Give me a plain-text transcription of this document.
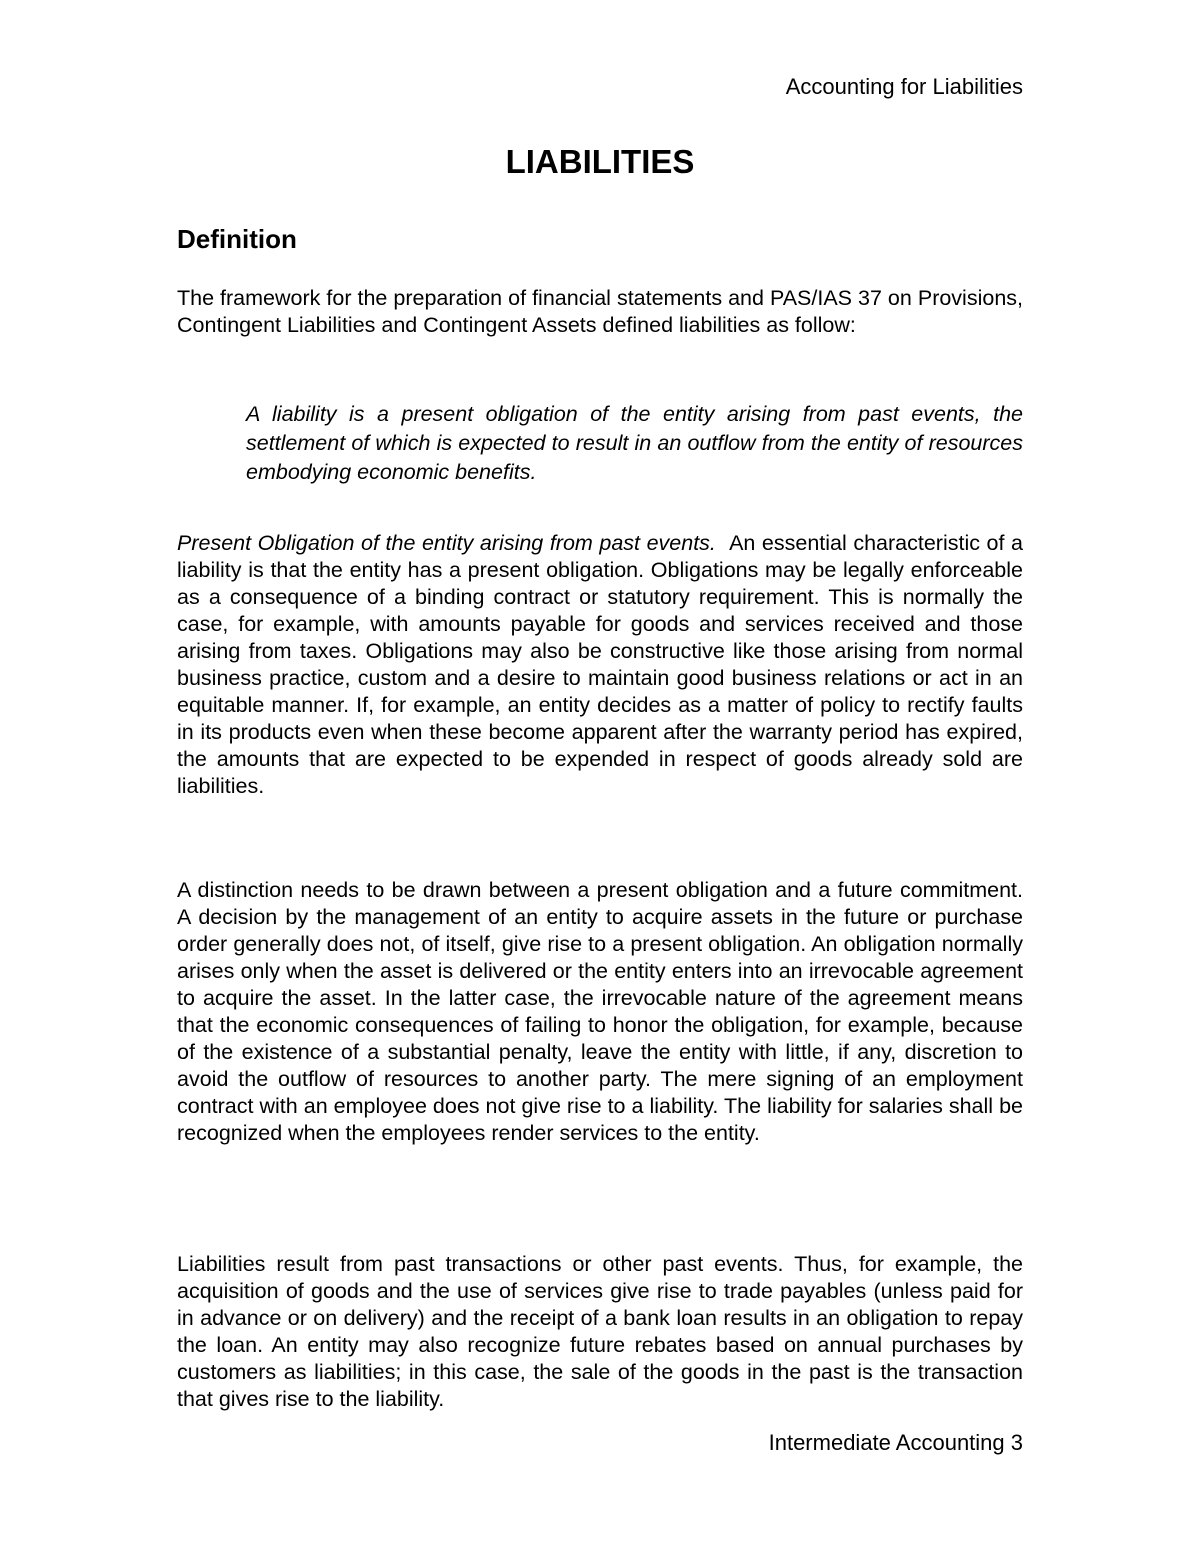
Accounting for Liabilities

LIABILITIES
Definition

The framework for the preparation of financial statements and PAS/IAS 37 on Provisions, Contingent Liabilities and Contingent Assets defined liabilities as follow:

A liability is a present obligation of the entity arising from past events, the settlement of which is expected to result in an outflow from the entity of resources embodying economic benefits.

Present Obligation of the entity arising from past events. An essential characteristic of a liability is that the entity has a present obligation. Obligations may be legally enforceable as a consequence of a binding contract or statutory requirement. This is normally the case, for example, with amounts payable for goods and services received and those arising from taxes. Obligations may also be constructive like those arising from normal business practice, custom and a desire to maintain good business relations or act in an equitable manner. If, for example, an entity decides as a matter of policy to rectify faults in its products even when these become apparent after the warranty period has expired, the amounts that are expected to be expended in respect of goods already sold are liabilities.

A distinction needs to be drawn between a present obligation and a future commitment. A decision by the management of an entity to acquire assets in the future or purchase order generally does not, of itself, give rise to a present obligation. An obligation normally arises only when the asset is delivered or the entity enters into an irrevocable agreement to acquire the asset. In the latter case, the irrevocable nature of the agreement means that the economic consequences of failing to honor the obligation, for example, because of the existence of a substantial penalty, leave the entity with little, if any, discretion to avoid the outflow of resources to another party. The mere signing of an employment contract with an employee does not give rise to a liability. The liability for salaries shall be recognized when the employees render services to the entity.

Liabilities result from past transactions or other past events. Thus, for example, the acquisition of goods and the use of services give rise to trade payables (unless paid for in advance or on delivery) and the receipt of a bank loan results in an obligation to repay the loan. An entity may also recognize future rebates based on annual purchases by customers as liabilities; in this case, the sale of the goods in the past is the transaction that gives rise to the liability.

Intermediate Accounting 3
